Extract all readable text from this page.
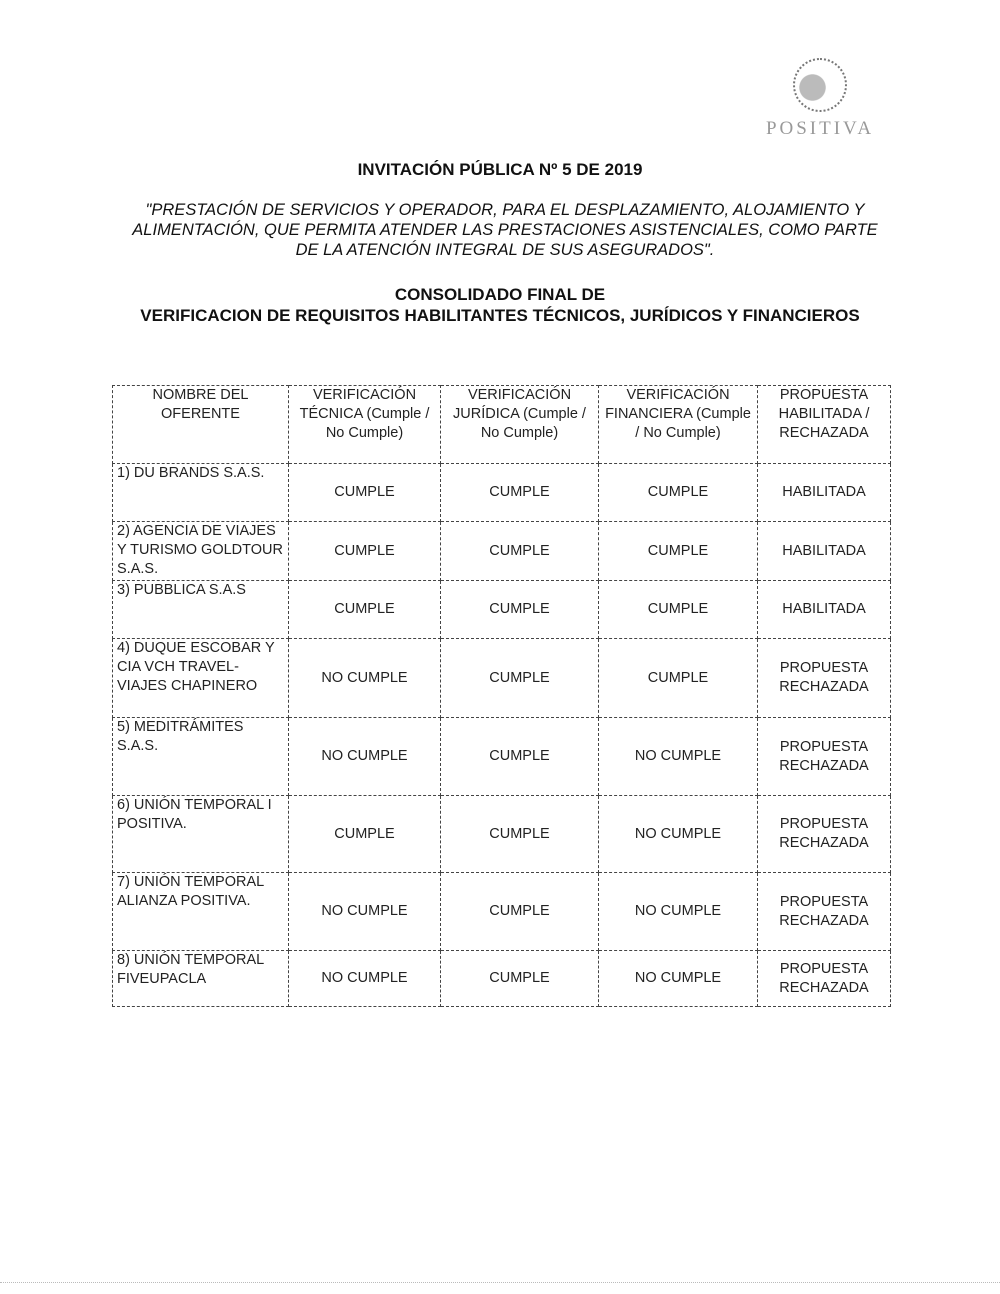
POSITIVA
INVITACIÓN PÚBLICA Nº 5 DE 2019
"PRESTACIÓN DE SERVICIOS Y OPERADOR, PARA EL DESPLAZAMIENTO, ALOJAMIENTO Y ALIMENTACIÓN, QUE PERMITA ATENDER LAS PRESTACIONES ASISTENCIALES, COMO PARTE DE LA ATENCIÓN INTEGRAL DE SUS ASEGURADOS".
CONSOLIDADO FINAL DE
VERIFICACION DE REQUISITOS HABILITANTES TÉCNICOS, JURÍDICOS Y FINANCIEROS
NOMBRE DEL OFERENTE	VERIFICACIÓN TÉCNICA (Cumple / No Cumple)	VERIFICACIÓN JURÍDICA (Cumple / No Cumple)	VERIFICACIÓN FINANCIERA (Cumple / No Cumple)	PROPUESTA HABILITADA / RECHAZADA
1) DU BRANDS S.A.S.	CUMPLE	CUMPLE	CUMPLE	HABILITADA
2) AGENCIA DE VIAJES Y TURISMO GOLDTOUR S.A.S.	CUMPLE	CUMPLE	CUMPLE	HABILITADA
3) PUBBLICA S.A.S	CUMPLE	CUMPLE	CUMPLE	HABILITADA
4) DUQUE ESCOBAR Y CIA VCH TRAVEL-VIAJES CHAPINERO	NO CUMPLE	CUMPLE	CUMPLE	PROPUESTA RECHAZADA
5) MEDITRÁMITES S.A.S.	NO CUMPLE	CUMPLE	NO CUMPLE	PROPUESTA RECHAZADA
6) UNIÓN TEMPORAL I POSITIVA.	CUMPLE	CUMPLE	NO CUMPLE	PROPUESTA RECHAZADA
7) UNIÓN TEMPORAL ALIANZA POSITIVA.	NO CUMPLE	CUMPLE	NO CUMPLE	PROPUESTA RECHAZADA
8) UNIÓN TEMPORAL FIVEUPACLA	NO CUMPLE	CUMPLE	NO CUMPLE	PROPUESTA RECHAZADA
